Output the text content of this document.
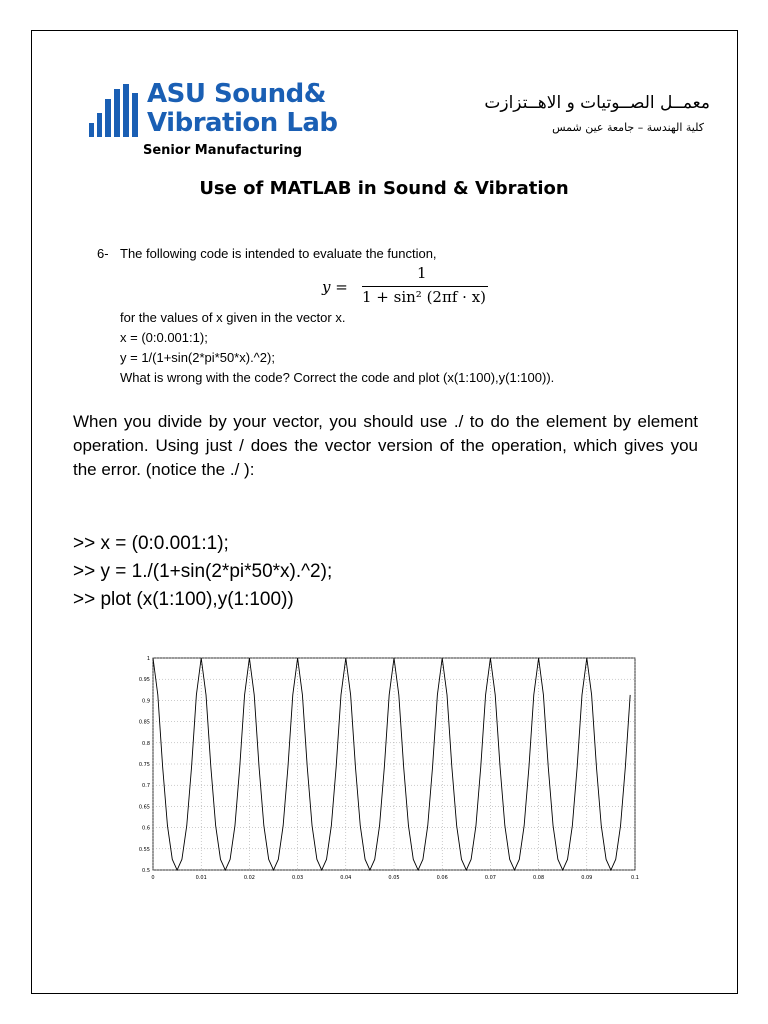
ASU Sound&
Vibration Lab
Senior Manufacturing
معمــل الصــوتيات و الاهــتزازت
كلية الهندسة – جامعة عين شمس
Use of MATLAB in Sound & Vibration
6- The following code is intended to evaluate the function,
y =
1
1 + sin² (2πf · x)
for the values of x given in the vector x.
x = (0:0.001:1);
y = 1/(1+sin(2*pi*50*x).^2);
What is wrong with the code? Correct the code and plot (x(1:100),y(1:100)).
When you divide by your vector, you should use ./ to do the element by element operation. Using just / does the vector version of the operation, which gives you the error. (notice the ./ ):
>> x = (0:0.001:1);
>> y = 1./(1+sin(2*pi*50*x).^2);
>> plot (x(1:100),y(1:100))
0	0.01	0.02	0.03	0.04	0.05	0.06	0.07	0.08	0.09	0.1
0.5
0.55
0.6
0.65
0.7
0.75
0.8
0.85
0.9
0.95
1
